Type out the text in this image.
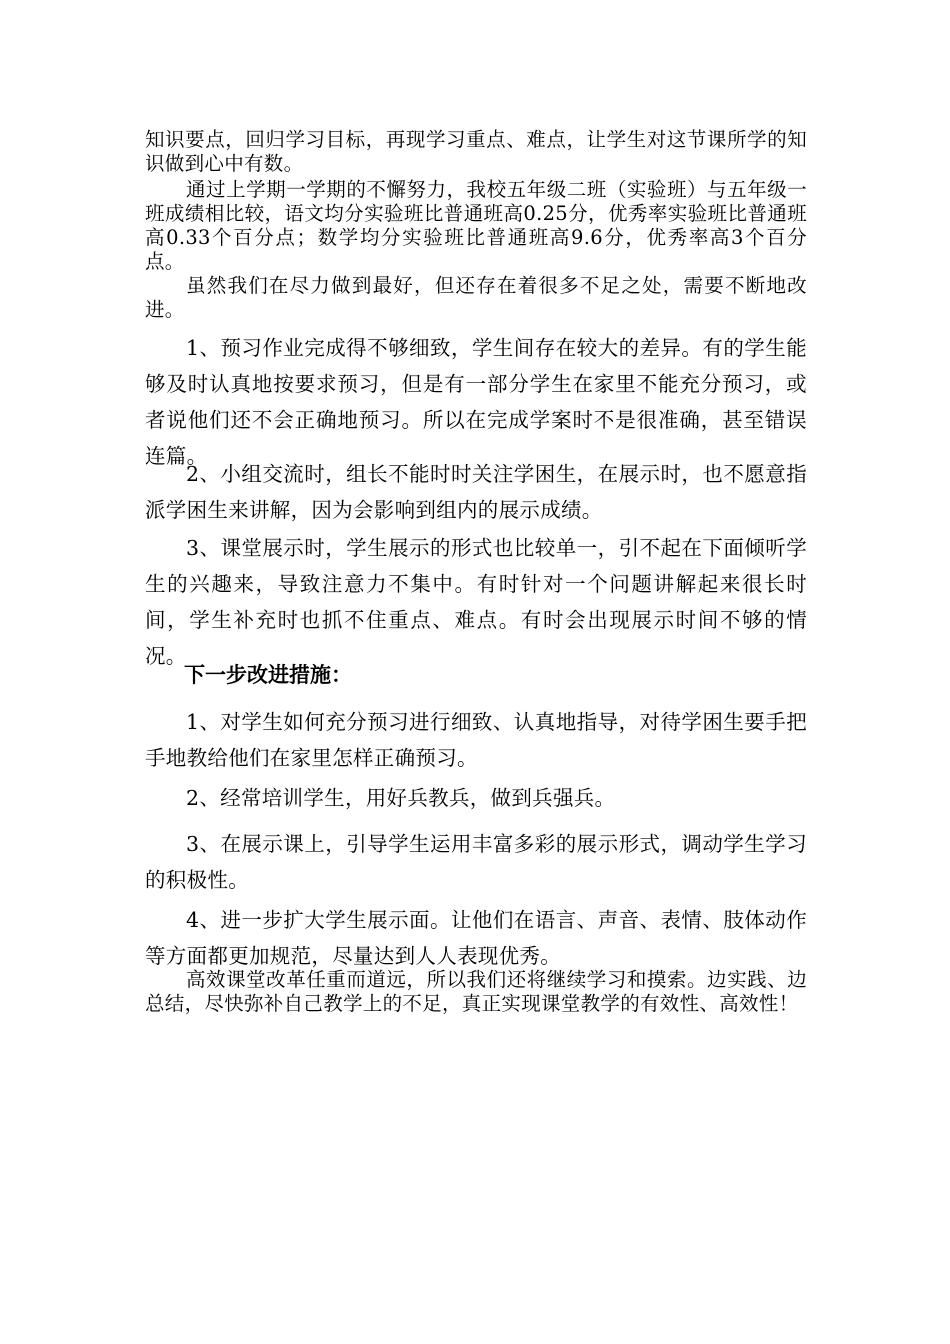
知识要点，回归学习目标，再现学习重点、难点，让学生对这节课所学的知识做到心中有数。

通过上学期一学期的不懈努力，我校五年级二班（实验班）与五年级一班成绩相比较，语文均分实验班比普通班高0.25分，优秀率实验班比普通班高0.33个百分点；数学均分实验班比普通班高9.6分，优秀率高3个百分点。

虽然我们在尽力做到最好，但还存在着很多不足之处，需要不断地改进。

1、预习作业完成得不够细致，学生间存在较大的差异。有的学生能够及时认真地按要求预习，但是有一部分学生在家里不能充分预习，或者说他们还不会正确地预习。所以在完成学案时不是很准确，甚至错误连篇。

2、小组交流时，组长不能时时关注学困生，在展示时，也不愿意指派学困生来讲解，因为会影响到组内的展示成绩。

3、课堂展示时，学生展示的形式也比较单一，引不起在下面倾听学生的兴趣来，导致注意力不集中。有时针对一个问题讲解起来很长时间，学生补充时也抓不住重点、难点。有时会出现展示时间不够的情况。

下一步改进措施：

1、对学生如何充分预习进行细致、认真地指导，对待学困生要手把手地教给他们在家里怎样正确预习。

2、经常培训学生，用好兵教兵，做到兵强兵。

3、在展示课上，引导学生运用丰富多彩的展示形式，调动学生学习的积极性。

4、进一步扩大学生展示面。让他们在语言、声音、表情、肢体动作等方面都更加规范，尽量达到人人表现优秀。

高效课堂改革任重而道远，所以我们还将继续学习和摸索。边实践、边总结，尽快弥补自己教学上的不足，真正实现课堂教学的有效性、高效性！
